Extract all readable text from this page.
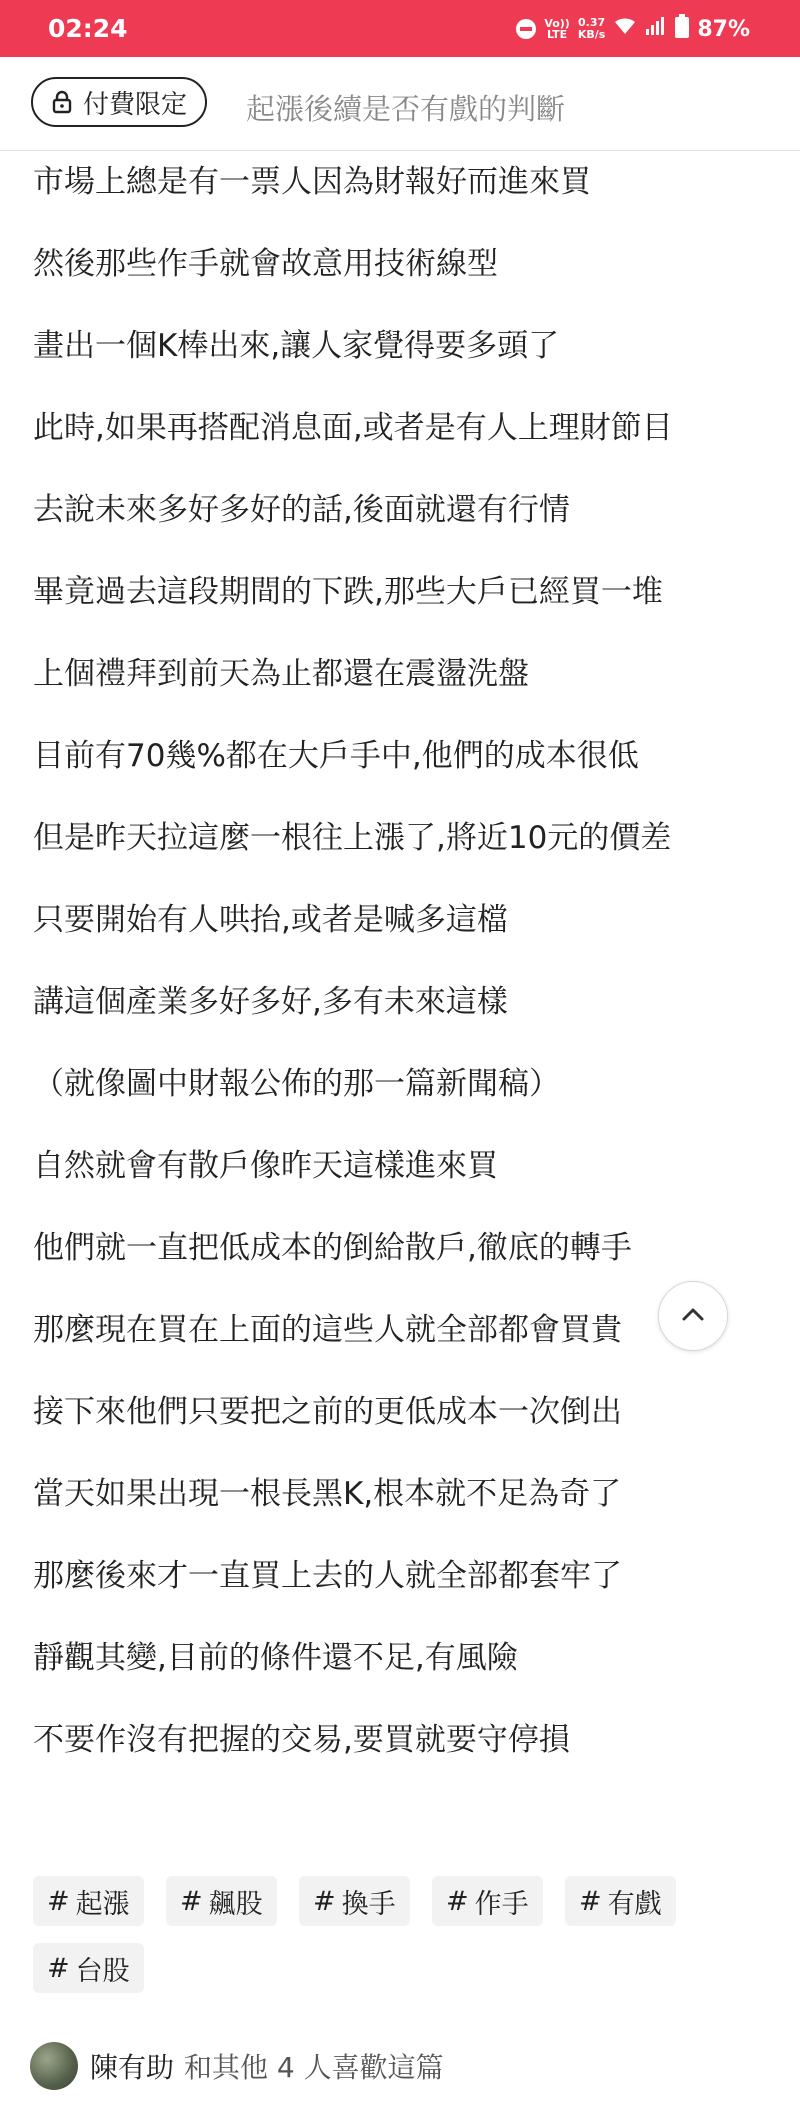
02:24	Vo))
LTE
0.37
KB/s	87%
付費限定 起漲後續是否有戲的判斷
市場上總是有一票人因為財報好而進來買
然後那些作手就會故意用技術線型
畫出一個K棒出來,讓人家覺得要多頭了
此時,如果再搭配消息面,或者是有人上理財節目
去說未來多好多好的話,後面就還有行情
畢竟過去這段期間的下跌,那些大戶已經買一堆
上個禮拜到前天為止都還在震盪洗盤
目前有70幾%都在大戶手中,他們的成本很低
但是昨天拉這麼一根往上漲了,將近10元的價差
只要開始有人哄抬,或者是喊多這檔
講這個產業多好多好,多有未來這樣
（就像圖中財報公佈的那一篇新聞稿）
自然就會有散戶像昨天這樣進來買
他們就一直把低成本的倒給散戶,徹底的轉手
那麼現在買在上面的這些人就全部都會買貴
接下來他們只要把之前的更低成本一次倒出
當天如果出現一根長黑K,根本就不足為奇了
那麼後來才一直買上去的人就全部都套牢了
靜觀其變,目前的條件還不足,有風險
不要作沒有把握的交易,要買就要守停損
# 起漲 # 飆股 # 換手 # 作手 # 有戲
# 台股
陳有助 和其他 4 人喜歡這篇
